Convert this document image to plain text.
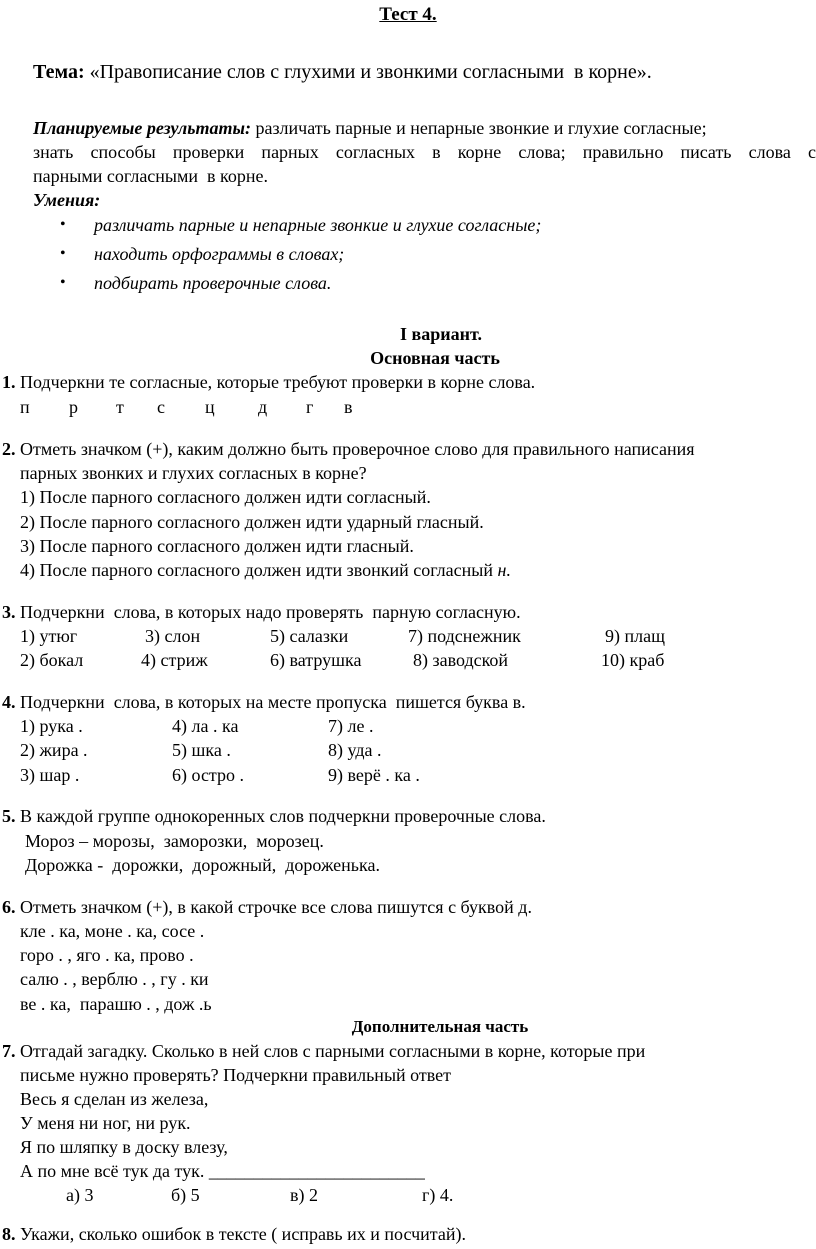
Тест 4.
Тема: «Правописание слов с глухими и звонкими согласными  в корне».
Планируемые результаты: различать парные и непарные звонкие и глухие согласные;
знать способы проверки парных согласных в корне слова; правильно писать слова с
парными согласными  в корне.
Умения:
• различать парные и непарные звонкие и глухие согласные;
• находить орфограммы в словах;
• подбирать проверочные слова.
I вариант.
Основная часть
1. Подчеркни те согласные, которые требуют проверки в корне слова.
п р т с ц д г в
2. Отметь значком (+), каким должно быть проверочное слово для правильного написания
парных звонких и глухих согласных в корне?
1) После парного согласного должен идти согласный.
2) После парного согласного должен идти ударный гласный.
3) После парного согласного должен идти гласный.
4) После парного согласного должен идти звонкий согласный н.
3. Подчеркни  слова, в которых надо проверять  парную согласную.
1) утюг	3) слон	5) салазки	7) подснежник	9) плащ
2) бокал	4) стриж	6) ватрушка	8) заводской	10) краб
4. Подчеркни  слова, в которых на месте пропуска  пишется буква в.
1) рука .	4) ла . ка	7) ле .
2) жира .	5) шка .	8) уда .
3) шар .	6) остро .	9) верё . ка .
5. В каждой группе однокоренных слов подчеркни проверочные слова.
Мороз – морозы,  заморозки,  морозец.
Дорожка -  дорожки,  дорожный,  дороженька.
6. Отметь значком (+), в какой строчке все слова пишутся с буквой д.
кле . ка, моне . ка, сосе .
горо . , яго . ка, прово .
салю . , верблю . , гу . ки
ве . ка,  парашю . , дож .ь
Дополнительная часть
7. Отгадай загадку. Сколько в ней слов с парными согласными в корне, которые при
письме нужно проверять? Подчеркни правильный ответ
Весь я сделан из железа,
У меня ни ног, ни рук.
Я по шляпку в доску влезу,
А по мне всё тук да тук. ________________________
а) 3	б) 5	в) 2	г) 4.
8. Укажи, сколько ошибок в тексте ( исправь их и посчитай).
